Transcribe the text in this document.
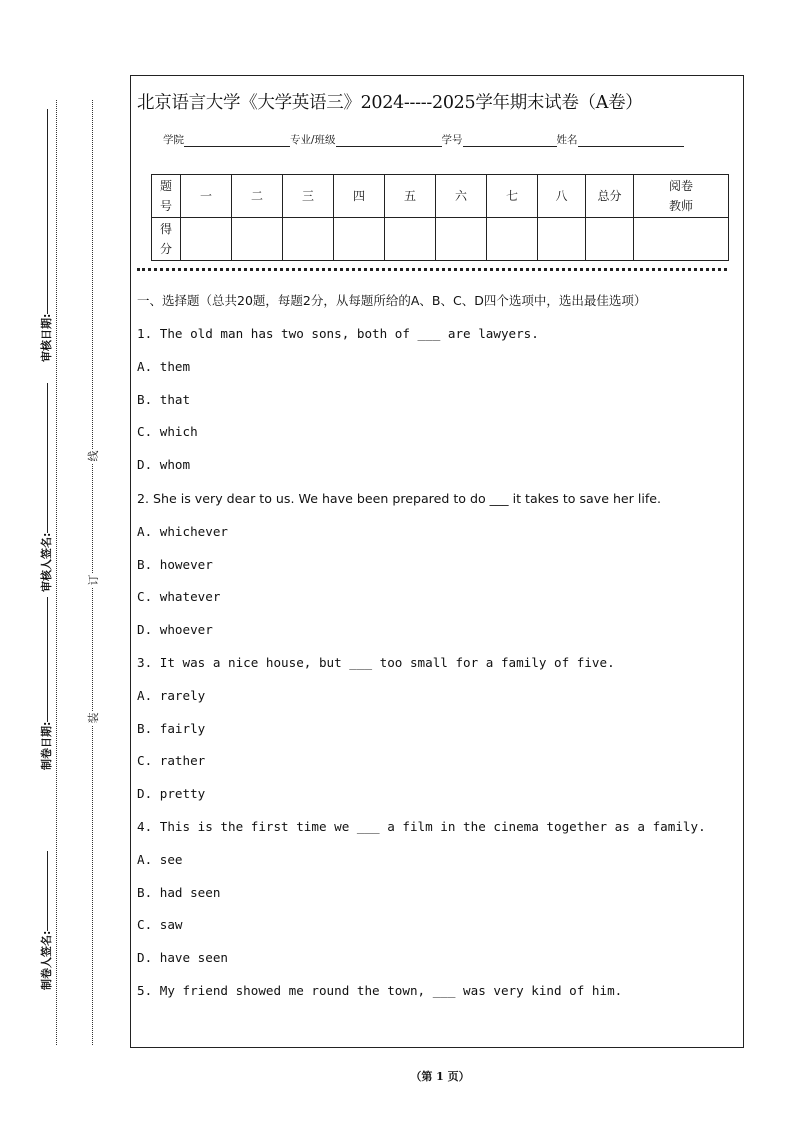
审核日期:
审核人签名:
制卷日期:
制卷人签名:
线
订
装
北京语言大学《大学英语三》2024-----2025学年期末试卷（A卷）
学院	专业/班级	学号	姓名
题号	一	二	三	四	五	六	七	八	总分	阅卷教师
得分										
一、选择题（总共20题，每题2分，从每题所给的A、B、C、D四个选项中，选出最佳选项）
1. The old man has two sons, both of ___ are lawyers.
A. them
B. that
C. which
D. whom
2. She is very dear to us. We have been prepared to do ___ it takes to save her life.
A. whichever
B. however
C. whatever
D. whoever
3. It was a nice house, but ___ too small for a family of five.
A. rarely
B. fairly
C. rather
D. pretty
4. This is the first time we ___ a film in the cinema together as a family.
A. see
B. had seen
C. saw
D. have seen
5. My friend showed me round the town, ___ was very kind of him.
（第 1 页）
